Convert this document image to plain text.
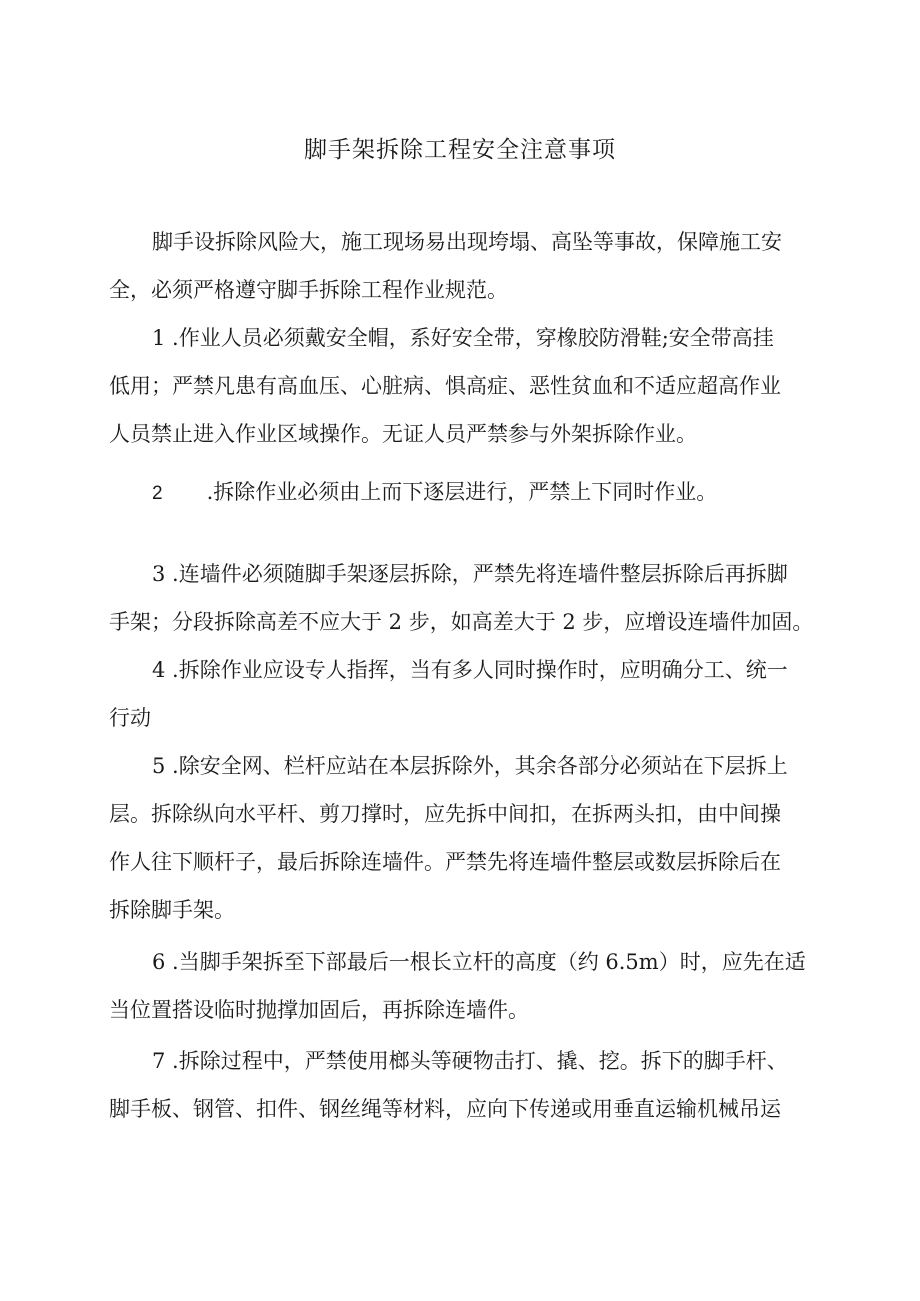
脚手架拆除工程安全注意事项
脚手设拆除风险大，施工现场易出现垮塌、高坠等事故，保障施工安
全，必须严格遵守脚手拆除工程作业规范。
1 .作业人员必须戴安全帽，系好安全带，穿橡胶防滑鞋;安全带高挂
低用；严禁凡患有高血压、心脏病、惧高症、恶性贫血和不适应超高作业
人员禁止进入作业区域操作。无证人员严禁参与外架拆除作业。
2 .拆除作业必须由上而下逐层进行，严禁上下同时作业。
3 .连墙件必须随脚手架逐层拆除，严禁先将连墙件整层拆除后再拆脚
手架；分段拆除高差不应大于 2 步，如高差大于 2 步，应增设连墙件加固。
4 .拆除作业应设专人指挥，当有多人同时操作时，应明确分工、统一
行动
5 .除安全网、栏杆应站在本层拆除外，其余各部分必须站在下层拆上
层。拆除纵向水平杆、剪刀撑时，应先拆中间扣，在拆两头扣，由中间操
作人往下顺杆子，最后拆除连墙件。严禁先将连墙件整层或数层拆除后在
拆除脚手架。
6 .当脚手架拆至下部最后一根长立杆的高度（约 6.5m）时，应先在适
当位置搭设临时抛撑加固后，再拆除连墙件。
7 .拆除过程中，严禁使用榔头等硬物击打、撬、挖。拆下的脚手杆、
脚手板、钢管、扣件、钢丝绳等材料，应向下传递或用垂直运输机械吊运
